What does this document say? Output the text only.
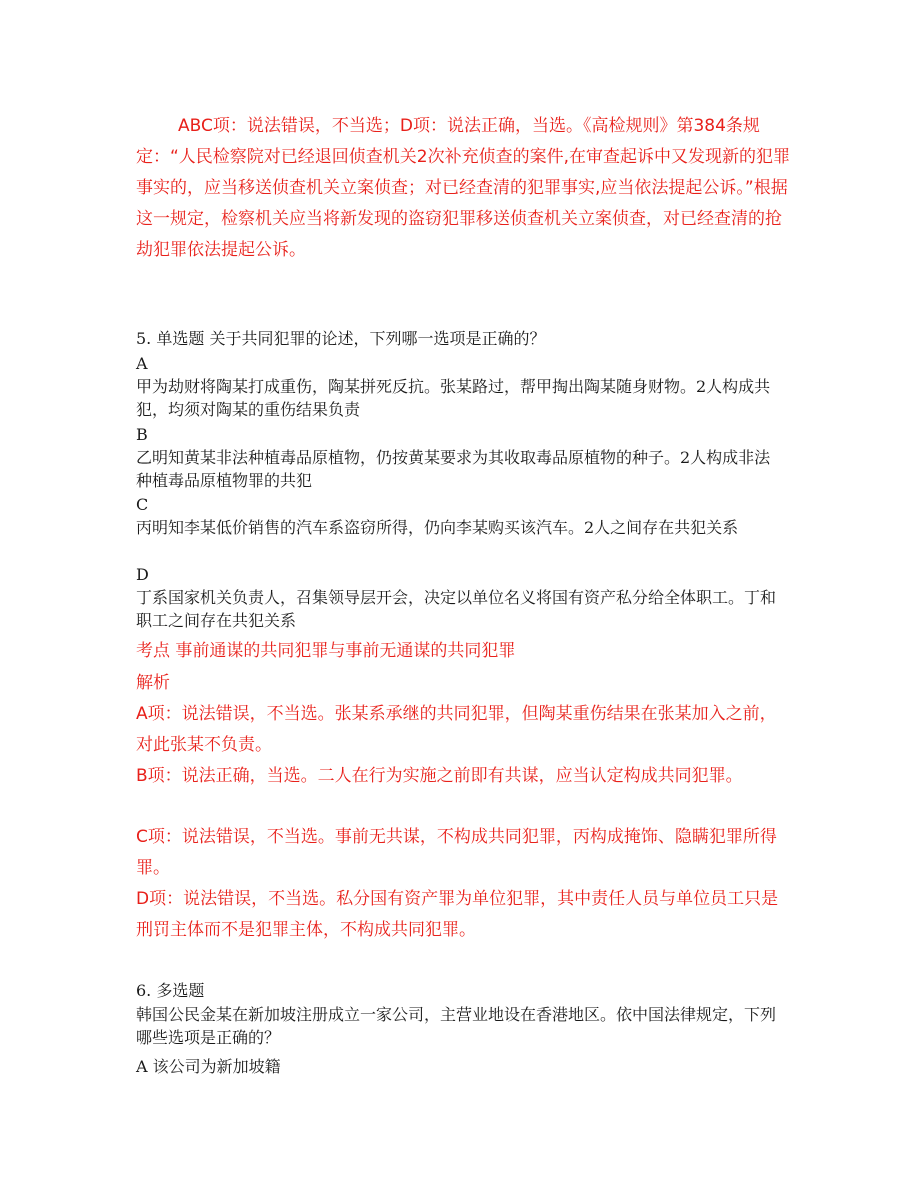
ABC项：说法错误，不当选；D项：说法正确，当选。《高检规则》第384条规定：“人民检察院对已经退回侦查机关2次补充侦查的案件,在审查起诉中又发现新的犯罪事实的，应当移送侦查机关立案侦查；对已经查清的犯罪事实,应当依法提起公诉。”根据这一规定，检察机关应当将新发现的盗窃犯罪移送侦查机关立案侦查，对已经查清的抢劫犯罪依法提起公诉。

5. 单选题 关于共同犯罪的论述，下列哪一选项是正确的？

A

甲为劫财将陶某打成重伤，陶某拼死反抗。张某路过，帮甲掏出陶某随身财物。2人构成共犯，均须对陶某的重伤结果负责

B

乙明知黄某非法种植毒品原植物，仍按黄某要求为其收取毒品原植物的种子。2人构成非法种植毒品原植物罪的共犯

C

丙明知李某低价销售的汽车系盗窃所得，仍向李某购买该汽车。2人之间存在共犯关系

D

丁系国家机关负责人，召集领导层开会，决定以单位名义将国有资产私分给全体职工。丁和职工之间存在共犯关系

考点 事前通谋的共同犯罪与事前无通谋的共同犯罪

解析

A项：说法错误，不当选。张某系承继的共同犯罪，但陶某重伤结果在张某加入之前，对此张某不负责。

B项：说法正确，当选。二人在行为实施之前即有共谋，应当认定构成共同犯罪。

C项：说法错误，不当选。事前无共谋，不构成共同犯罪，丙构成掩饰、隐瞒犯罪所得罪。

D项：说法错误，不当选。私分国有资产罪为单位犯罪，其中责任人员与单位员工只是刑罚主体而不是犯罪主体，不构成共同犯罪。

6. 多选题

韩国公民金某在新加坡注册成立一家公司，主营业地设在香港地区。依中国法律规定，下列哪些选项是正确的？

A 该公司为新加坡籍
